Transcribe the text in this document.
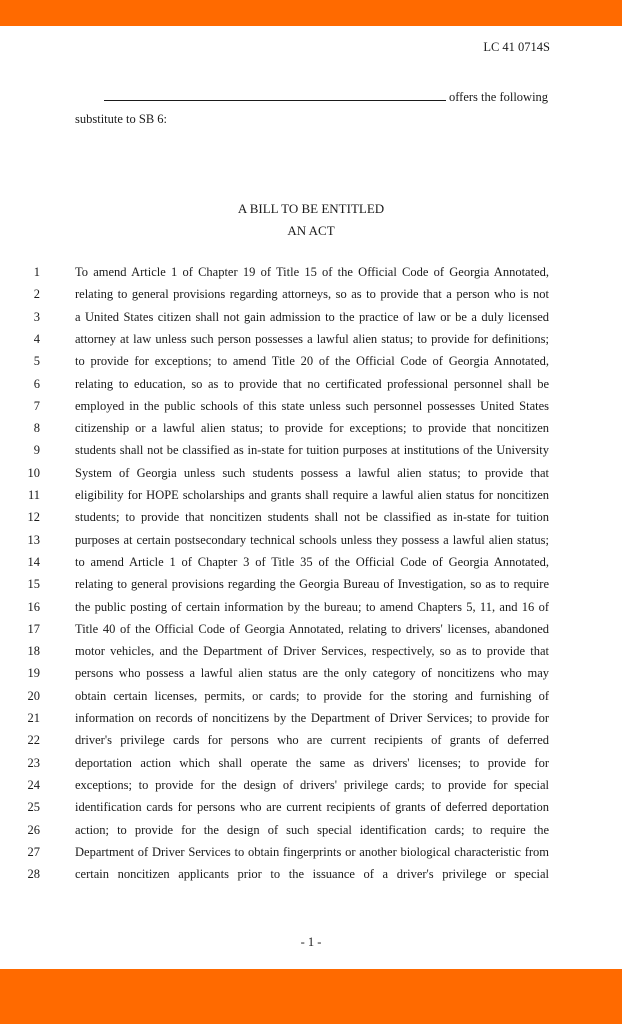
LC 41 0714S
offers the following
substitute to SB 6:
A BILL TO BE ENTITLED
AN ACT
1	To amend Article 1 of Chapter 19 of Title 15 of the Official Code of Georgia Annotated,
2	relating to general provisions regarding attorneys, so as to provide that a person who is not
3	a United States citizen shall not gain admission to the practice of law or be a duly licensed
4	attorney at law unless such person possesses a lawful alien status; to provide for definitions;
5	to provide for exceptions; to amend Title 20 of the Official Code of Georgia Annotated,
6	relating to education, so as to provide that no certificated professional personnel shall be
7	employed in the public schools of this state unless such personnel possesses United States
8	citizenship or a lawful alien status; to provide for exceptions; to provide that noncitizen
9	students shall not be classified as in-state for tuition purposes at institutions of the University
10	System of Georgia unless such students possess a lawful alien status; to provide that
11	eligibility for HOPE scholarships and grants shall require a lawful alien status for noncitizen
12	students; to provide that noncitizen students shall not be classified as in-state for tuition
13	purposes at certain postsecondary technical schools unless they possess a lawful alien status;
14	to amend Article 1 of Chapter 3 of Title 35 of the Official Code of Georgia Annotated,
15	relating to general provisions regarding the Georgia Bureau of Investigation, so as to require
16	the public posting of certain information by the bureau; to amend Chapters 5, 11, and 16 of
17	Title 40 of the Official Code of Georgia Annotated, relating to drivers' licenses, abandoned
18	motor vehicles, and the Department of Driver Services, respectively, so as to provide that
19	persons who possess a lawful alien status are the only category of noncitizens who may
20	obtain certain licenses, permits, or cards; to provide for the storing and furnishing of
21	information on records of noncitizens by the Department of Driver Services; to provide for
22	driver's privilege cards for persons who are current recipients of grants of deferred
23	deportation action which shall operate the same as drivers' licenses; to provide for
24	exceptions; to provide for the design of drivers' privilege cards; to provide for special
25	identification cards for persons who are current recipients of grants of deferred deportation
26	action; to provide for the design of such special identification cards; to require the
27	Department of Driver Services to obtain fingerprints or another biological characteristic from
28	certain noncitizen applicants prior to the issuance of a driver's privilege or special
- 1 -
